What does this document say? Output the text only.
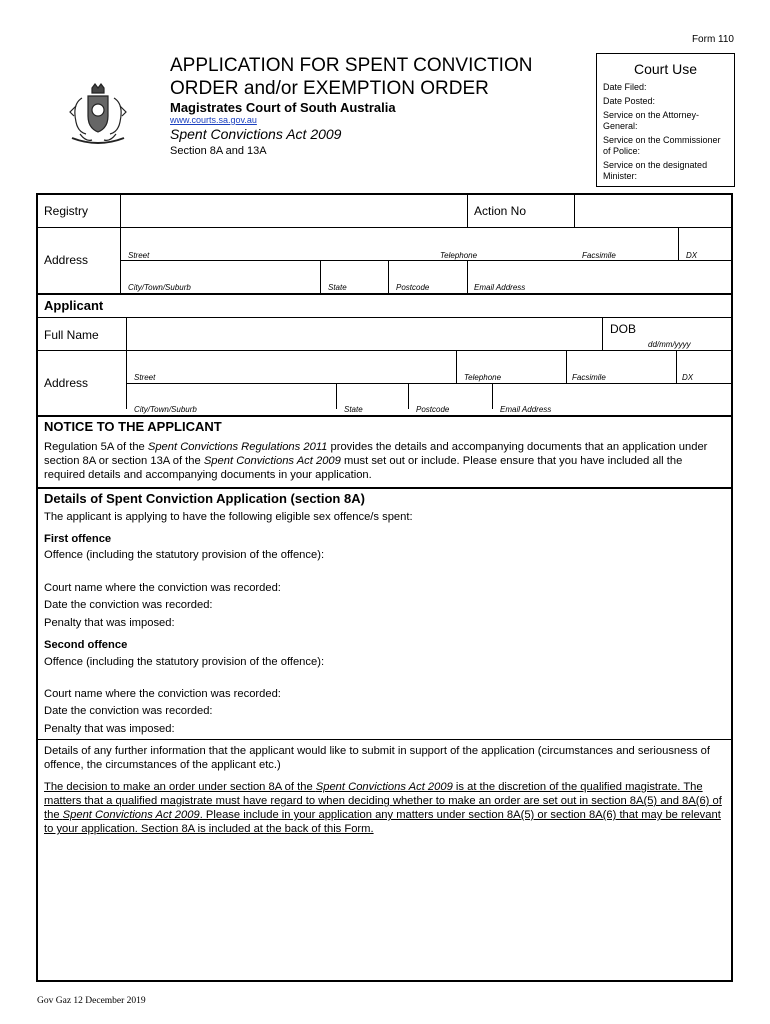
Form 110
APPLICATION FOR SPENT CONVICTION
ORDER and/or EXEMPTION ORDER
Magistrates Court of South Australia
www.courts.sa.gov.au
Spent Convictions Act 2009
Section 8A and 13A
Court Use
Date Filed:
Date Posted:
Service on the Attorney-General:
Service on the Commissioner of Police:
Service on the designated Minister:
Registry	Action No
Address	Street	Telephone	Facsimile	DX
City/Town/Suburb	State	Postcode	Email Address
Applicant
Full Name	DOB
dd/mm/yyyy
Address	Street	Telephone	Facsimile	DX
City/Town/Suburb	State	Postcode	Email Address
NOTICE TO THE APPLICANT
Regulation 5A of the Spent Convictions Regulations 2011 provides the details and accompanying documents that an application under section 8A or section 13A of the Spent Convictions Act 2009 must set out or include. Please ensure that you have included all the required details and accompanying documents in your application.
Details of Spent Conviction Application (section 8A)
The applicant is applying to have the following eligible sex offence/s spent:
First offence
Offence (including the statutory provision of the offence):
Court name where the conviction was recorded:
Date the conviction was recorded:
Penalty that was imposed:
Second offence
Offence (including the statutory provision of the offence):
Court name where the conviction was recorded:
Date the conviction was recorded:
Penalty that was imposed:
Details of any further information that the applicant would like to submit in support of the application (circumstances and seriousness of offence, the circumstances of the applicant etc.)
The decision to make an order under section 8A of the Spent Convictions Act 2009 is at the discretion of the qualified magistrate. The matters that a qualified magistrate must have regard to when deciding whether to make an order are set out in section 8A(5) and 8A(6) of the Spent Convictions Act 2009. Please include in your application any matters under section 8A(5) or section 8A(6) that may be relevant to your application. Section 8A is included at the back of this Form.
Gov Gaz 12 December 2019
